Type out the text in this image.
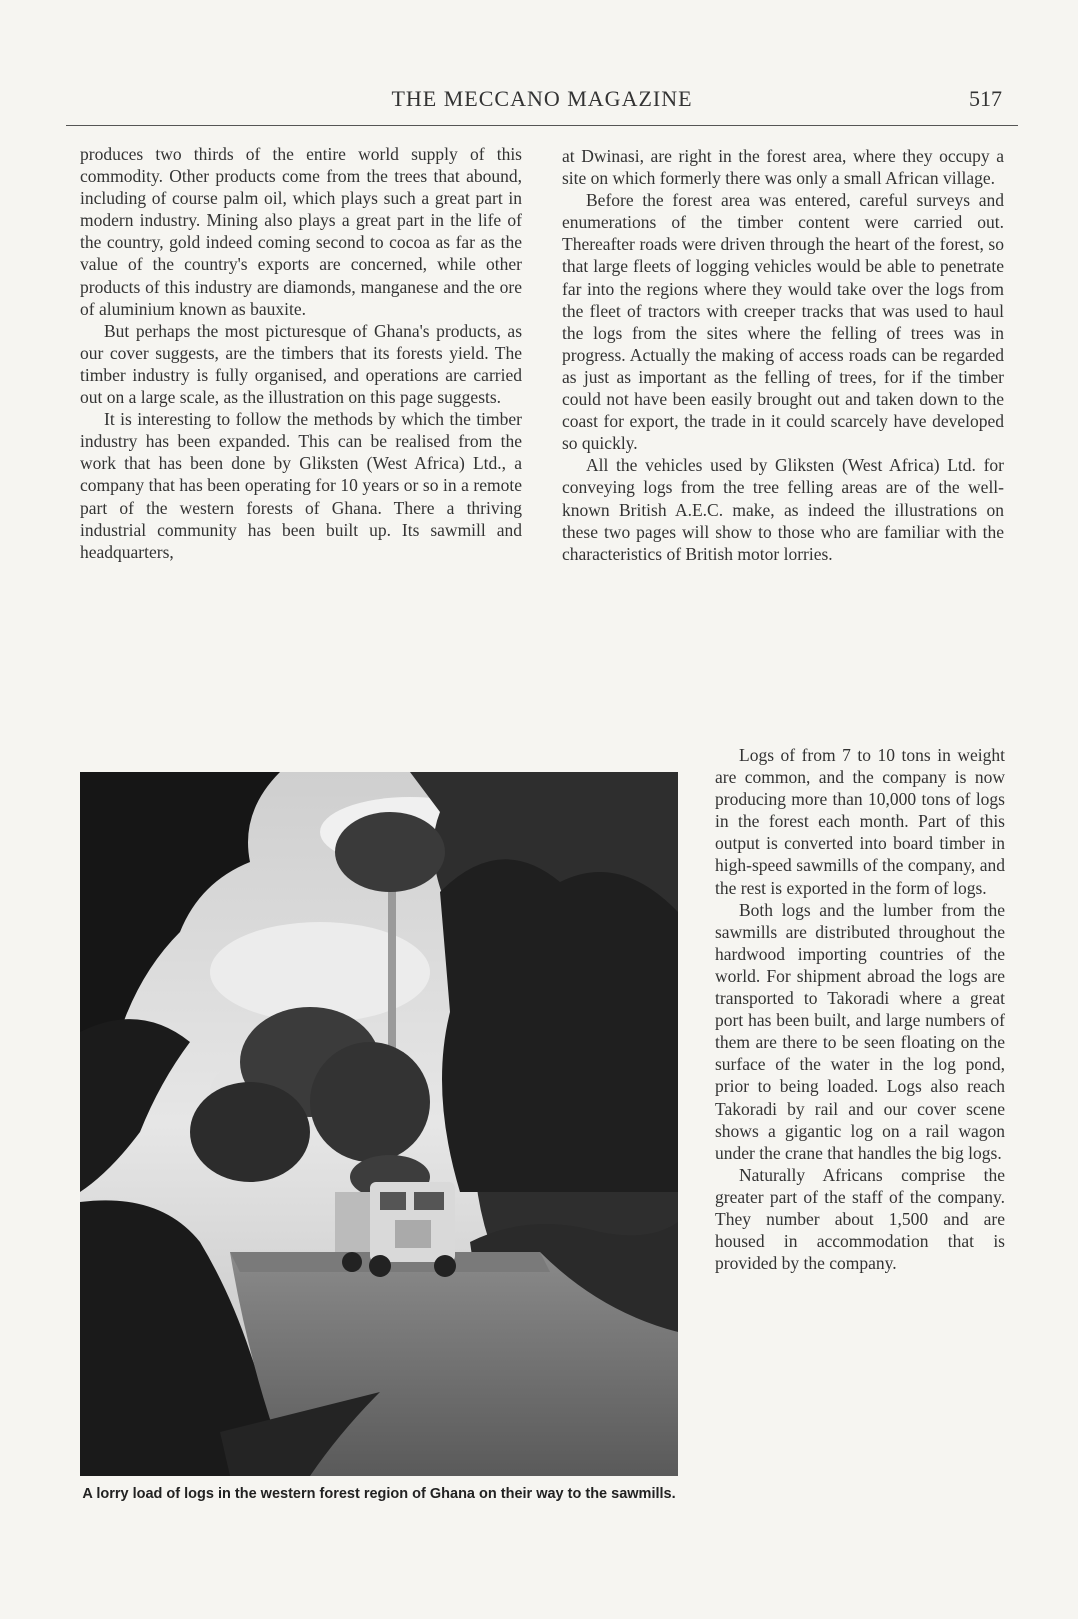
THE MECCANO MAGAZINE	517

produces two thirds of the entire world supply of this commodity. Other products come from the trees that abound, including of course palm oil, which plays such a great part in modern industry. Mining also plays a great part in the life of the country, gold indeed coming second to cocoa as far as the value of the country's exports are concerned, while other products of this industry are diamonds, manganese and the ore of aluminium known as bauxite.

But perhaps the most picturesque of Ghana's products, as our cover suggests, are the timbers that its forests yield. The timber industry is fully organised, and operations are carried out on a large scale, as the illustration on this page suggests.

It is interesting to follow the methods by which the timber industry has been expanded. This can be realised from the work that has been done by Gliksten (West Africa) Ltd., a company that has been operating for 10 years or so in a remote part of the western forests of Ghana. There a thriving industrial community has been built up. Its sawmill and headquarters,

at Dwinasi, are right in the forest area, where they occupy a site on which formerly there was only a small African village.

Before the forest area was entered, careful surveys and enumerations of the timber content were carried out. Thereafter roads were driven through the heart of the forest, so that large fleets of logging vehicles would be able to penetrate far into the regions where they would take over the logs from the fleet of tractors with creeper tracks that was used to haul the logs from the sites where the felling of trees was in progress. Actually the making of access roads can be regarded as just as important as the felling of trees, for if the timber could not have been easily brought out and taken down to the coast for export, the trade in it could scarcely have developed so quickly.

All the vehicles used by Gliksten (West Africa) Ltd. for conveying logs from the tree felling areas are of the well-known British A.E.C. make, as indeed the illustrations on these two pages will show to those who are familiar with the characteristics of British motor lorries.

Logs of from 7 to 10 tons in weight are common, and the company is now producing more than 10,000 tons of logs in the forest each month. Part of this output is converted into board timber in high-speed sawmills of the company, and the rest is exported in the form of logs.

Both logs and the lumber from the sawmills are distributed throughout the hardwood importing countries of the world. For shipment abroad the logs are transported to Takoradi where a great port has been built, and large numbers of them are there to be seen floating on the surface of the water in the log pond, prior to being loaded. Logs also reach Takoradi by rail and our cover scene shows a gigantic log on a rail wagon under the crane that handles the big logs.

Naturally Africans comprise the greater part of the staff of the company. They number about 1,500 and are housed in accommodation that is provided by the company.

A lorry load of logs in the western forest region of Ghana on their way to the sawmills.
